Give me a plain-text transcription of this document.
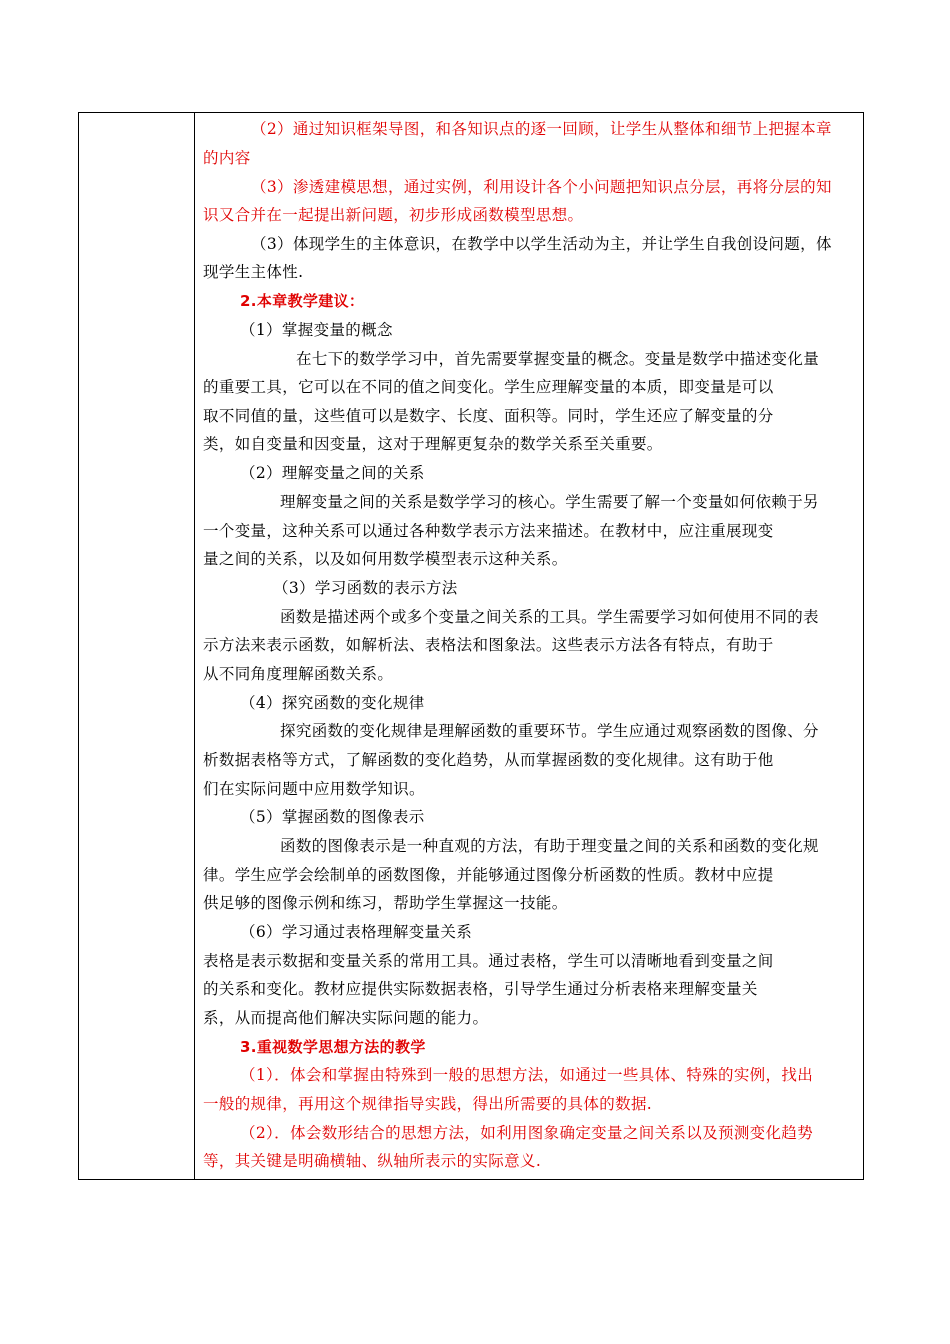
（2）通过知识框架导图，和各知识点的逐一回顾，让学生从整体和细节上把握本章
的内容
（3）渗透建模思想，通过实例，利用设计各个小问题把知识点分层，再将分层的知
识又合并在一起提出新问题，初步形成函数模型思想。
（3）体现学生的主体意识，在教学中以学生活动为主，并让学生自我创设问题，体
现学生主体性.
2.本章教学建议：
（1）掌握变量的概念
在七下的数学学习中，首先需要掌握变量的概念。变量是数学中描述变化量
的重要工具，它可以在不同的值之间变化。学生应理解变量的本质，即变量是可以
取不同值的量，这些值可以是数字、长度、面积等。同时，学生还应了解变量的分
类，如自变量和因变量，这对于理解更复杂的数学关系至关重要。
（2）理解变量之间的关系
理解变量之间的关系是数学学习的核心。学生需要了解一个变量如何依赖于另
一个变量，这种关系可以通过各种数学表示方法来描述。在教材中，应注重展现变
量之间的关系，以及如何用数学模型表示这种关系。
（3）学习函数的表示方法
函数是描述两个或多个变量之间关系的工具。学生需要学习如何使用不同的表
示方法来表示函数，如解析法、表格法和图象法。这些表示方法各有特点，有助于
从不同角度理解函数关系。
（4）探究函数的变化规律
探究函数的变化规律是理解函数的重要环节。学生应通过观察函数的图像、分
析数据表格等方式，了解函数的变化趋势，从而掌握函数的变化规律。这有助于他
们在实际问题中应用数学知识。
（5）掌握函数的图像表示
函数的图像表示是一种直观的方法，有助于理变量之间的关系和函数的变化规
律。学生应学会绘制单的函数图像，并能够通过图像分析函数的性质。教材中应提
供足够的图像示例和练习，帮助学生掌握这一技能。
（6）学习通过表格理解变量关系
表格是表示数据和变量关系的常用工具。通过表格，学生可以清晰地看到变量之间
的关系和变化。教材应提供实际数据表格，引导学生通过分析表格来理解变量关
系，从而提高他们解决实际问题的能力。
3.重视数学思想方法的教学
（1）．体会和掌握由特殊到一般的思想方法，如通过一些具体、特殊的实例，找出
一般的规律，再用这个规律指导实践，得出所需要的具体的数据.
（2）．体会数形结合的思想方法，如利用图象确定变量之间关系以及预测变化趋势
等，其关键是明确横轴、纵轴所表示的实际意义.
